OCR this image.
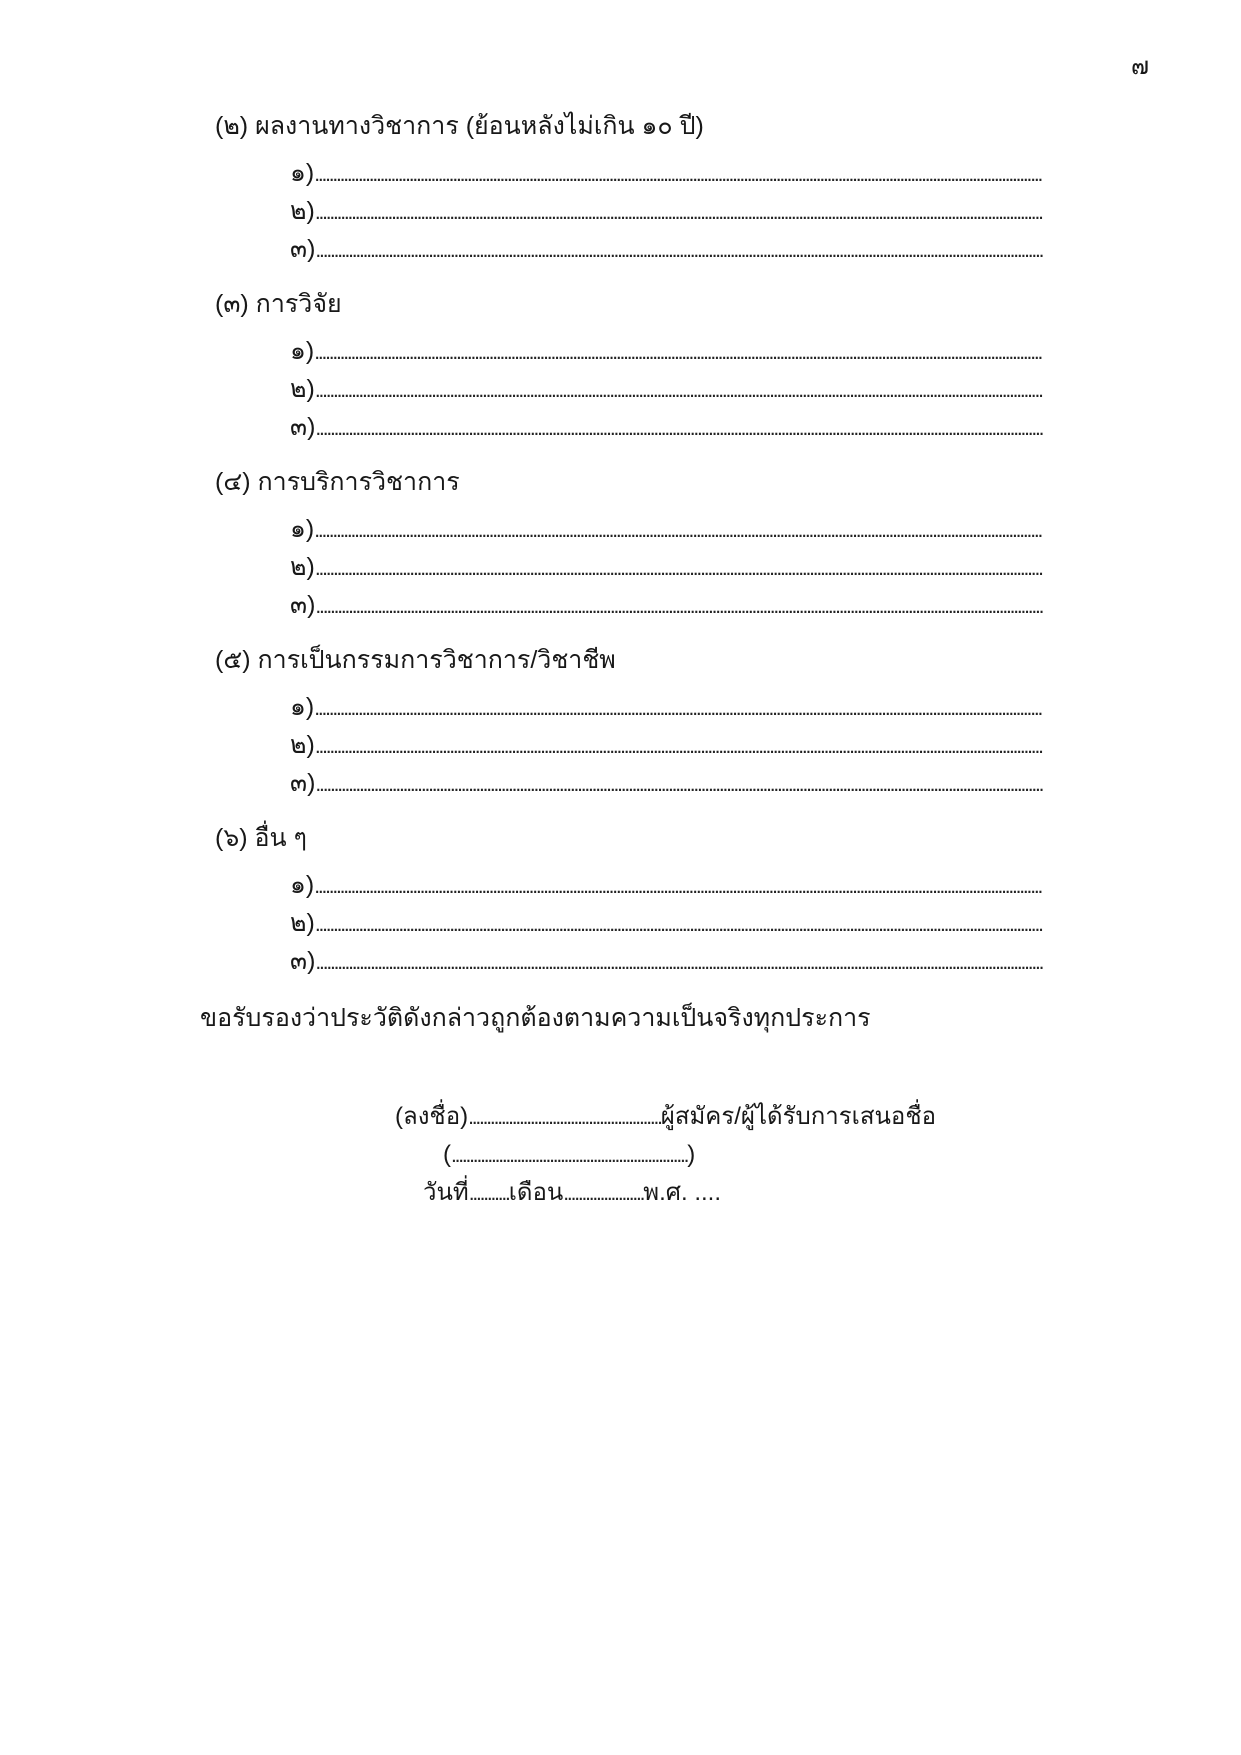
๗
(๒) ผลงานทางวิชาการ (ย้อนหลังไม่เกิน ๑๐ ปี)
๑)........................................................................................................................................................................................................
๒)........................................................................................................................................................................................................
๓)........................................................................................................................................................................................................
(๓) การวิจัย
๑)........................................................................................................................................................................................................
๒)........................................................................................................................................................................................................
๓)........................................................................................................................................................................................................
(๔) การบริการวิชาการ
๑)........................................................................................................................................................................................................
๒)........................................................................................................................................................................................................
๓)........................................................................................................................................................................................................
(๕) การเป็นกรรมการวิชาการ/วิชาชีพ
๑)........................................................................................................................................................................................................
๒)........................................................................................................................................................................................................
๓)........................................................................................................................................................................................................
(๖) อื่น ๆ
๑)........................................................................................................................................................................................................
๒)........................................................................................................................................................................................................
๓)........................................................................................................................................................................................................

ขอรับรองว่าประวัติดังกล่าวถูกต้องตามความเป็นจริงทุกประการ

(ลงชื่อ).....................................................ผู้สมัคร/ผู้ได้รับการเสนอชื่อ
(.................................................................)
วันที่...........เดือน......................พ.ศ. ....
